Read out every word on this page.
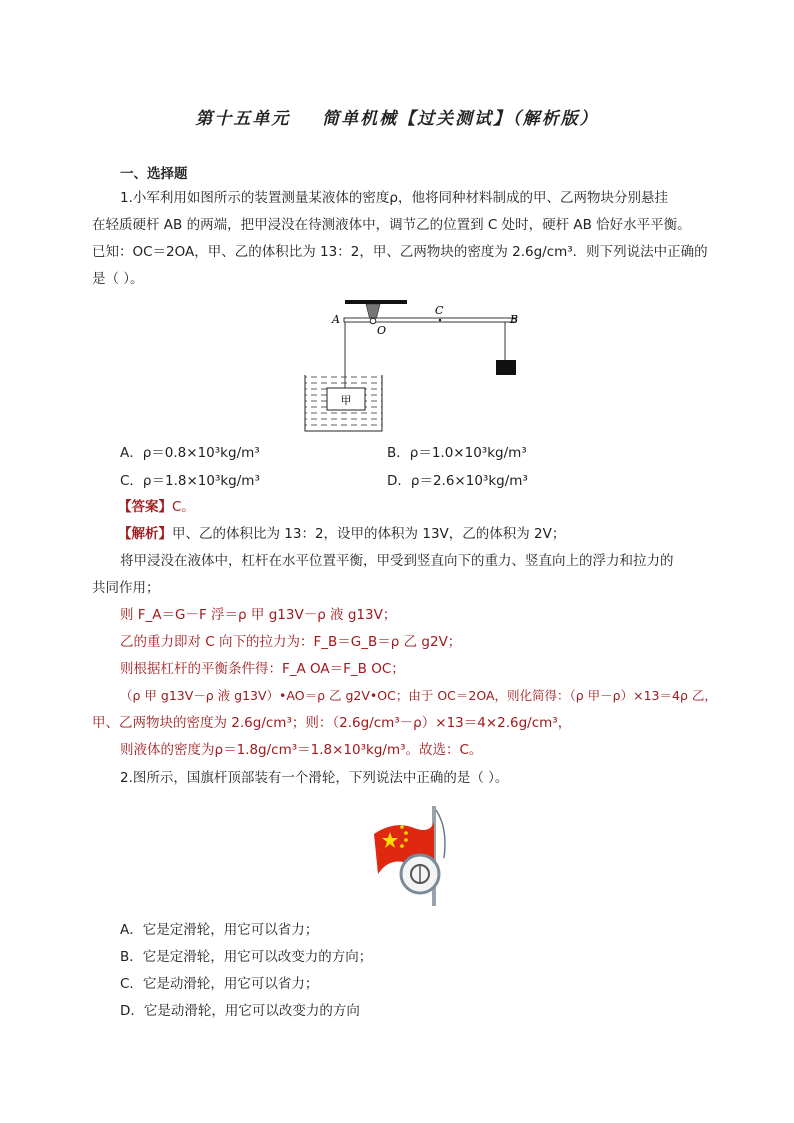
第十五单元    简单机械【过关测试】（解析版）
一、选择题
1.小军利用如图所示的装置测量某液体的密度ρ，他将同种材料制成的甲、乙两物块分别悬挂
在轻质硬杆 AB 的两端，把甲浸没在待测液体中，调节乙的位置到 C 处时，硬杆 AB 恰好水平平衡。
已知：OC＝2OA，甲、乙的体积比为 13：2，甲、乙两物块的密度为 2.6g/cm³．则下列说法中正确的
是（ ）。
A
O
C
B
甲
A．ρ＝0.8×10³kg/m³	B．ρ＝1.0×10³kg/m³
C．ρ＝1.8×10³kg/m³	D．ρ＝2.6×10³kg/m³
【答案】C。
【解析】甲、乙的体积比为 13：2，设甲的体积为 13V，乙的体积为 2V；
将甲浸没在液体中，杠杆在水平位置平衡，甲受到竖直向下的重力、竖直向上的浮力和拉力的
共同作用；
则 F_A＝G－F 浮＝ρ 甲 g13V－ρ 液 g13V；
乙的重力即对 C 向下的拉力为：F_B＝G_B＝ρ 乙 g2V；
则根据杠杆的平衡条件得：F_A OA＝F_B OC；
（ρ 甲 g13V－ρ 液 g13V）•AO＝ρ 乙 g2V•OC；由于 OC＝2OA，则化简得：（ρ 甲－ρ）×13＝4ρ 乙，
甲、乙两物块的密度为 2.6g/cm³；则：（2.6g/cm³－ρ）×13＝4×2.6g/cm³，
则液体的密度为ρ＝1.8g/cm³＝1.8×10³kg/m³。故选：C。
2.图所示，国旗杆顶部装有一个滑轮，下列说法中正确的是（ ）。
A．它是定滑轮，用它可以省力；
B．它是定滑轮，用它可以改变力的方向；
C．它是动滑轮，用它可以省力；
D．它是动滑轮，用它可以改变力的方向
